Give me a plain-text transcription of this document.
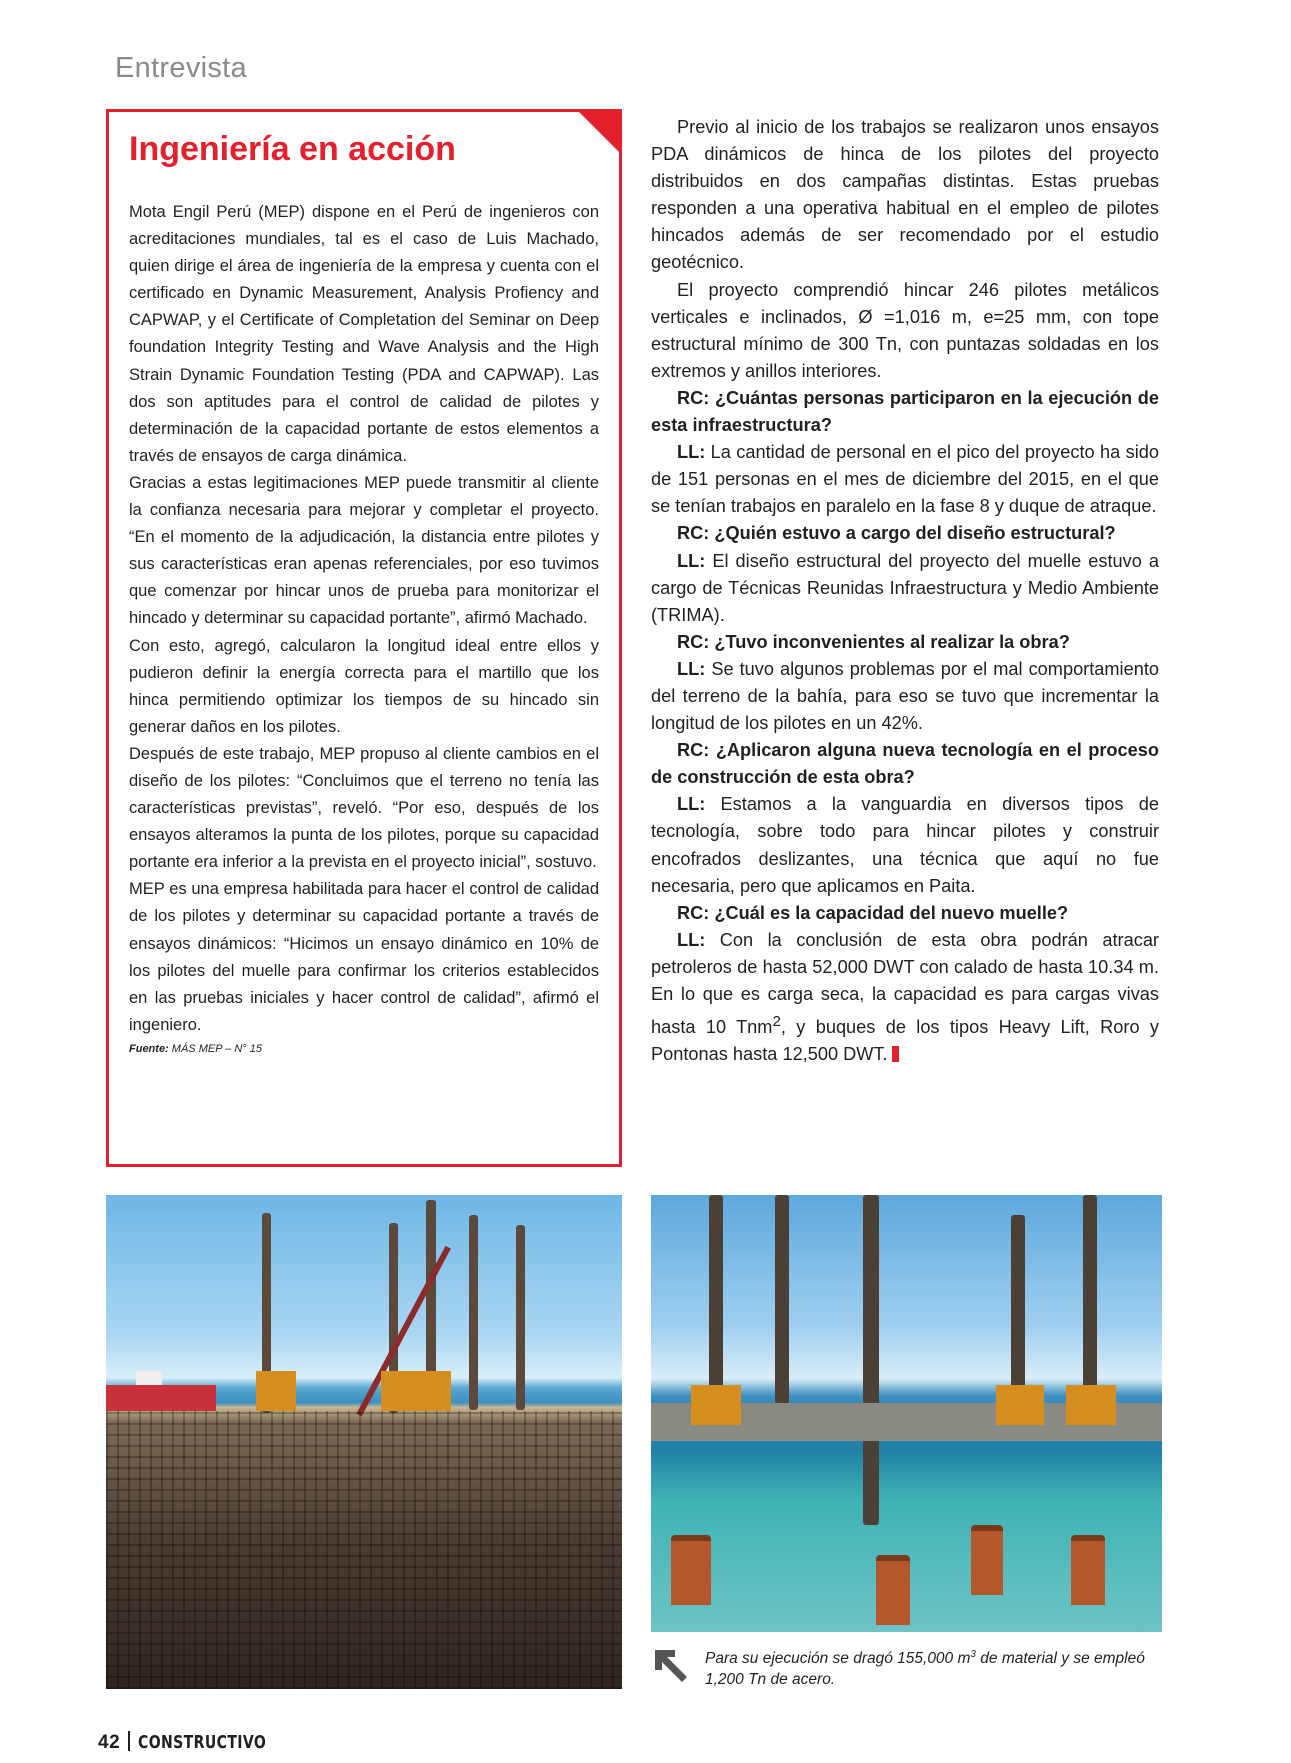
Entrevista
Ingeniería en acción

Mota Engil Perú (MEP) dispone en el Perú de ingenieros con acreditaciones mundiales, tal es el caso de Luis Machado, quien dirige el área de ingeniería de la empresa y cuenta con el certificado en Dynamic Measurement, Analysis Profiency and CAPWAP, y el Certificate of Completation del Seminar on Deep foundation Integrity Testing and Wave Analysis and the High Strain Dynamic Foundation Testing (PDA and CAPWAP). Las dos son aptitudes para el control de calidad de pilotes y determinación de la capacidad portante de estos elementos a través de ensayos de carga dinámica.

Gracias a estas legitimaciones MEP puede transmitir al cliente la confianza necesaria para mejorar y completar el proyecto. “En el momento de la adjudicación, la distancia entre pilotes y sus características eran apenas referenciales, por eso tuvimos que comenzar por hincar unos de prueba para monitorizar el hincado y determinar su capacidad portante”, afirmó Machado.

Con esto, agregó, calcularon la longitud ideal entre ellos y pudieron definir la energía correcta para el martillo que los hinca permitiendo optimizar los tiempos de su hincado sin generar daños en los pilotes.

Después de este trabajo, MEP propuso al cliente cambios en el diseño de los pilotes: “Concluimos que el terreno no tenía las características previstas”, reveló. “Por eso, después de los ensayos alteramos la punta de los pilotes, porque su capacidad portante era inferior a la prevista en el proyecto inicial”, sostuvo.

MEP es una empresa habilitada para hacer el control de calidad de los pilotes y determinar su capacidad portante a través de ensayos dinámicos: “Hicimos un ensayo dinámico en 10% de los pilotes del muelle para confirmar los criterios establecidos en las pruebas iniciales y hacer control de calidad”, afirmó el ingeniero.

Fuente: MÁS MEP – N° 15

Previo al inicio de los trabajos se realizaron unos ensayos PDA dinámicos de hinca de los pilotes del proyecto distribuidos en dos campañas distintas. Estas pruebas responden a una operativa habitual en el empleo de pilotes hincados además de ser recomendado por el estudio geotécnico.

El proyecto comprendió hincar 246 pilotes metálicos verticales e inclinados, Ø =1,016 m, e=25 mm, con tope estructural mínimo de 300 Tn, con puntazas soldadas en los extremos y anillos interiores.

RC: ¿Cuántas personas participaron en la ejecución de esta infraestructura?

LL: La cantidad de personal en el pico del proyecto ha sido de 151 personas en el mes de diciembre del 2015, en el que se tenían trabajos en paralelo en la fase 8 y duque de atraque.

RC: ¿Quién estuvo a cargo del diseño estructural?

LL: El diseño estructural del proyecto del muelle estuvo a cargo de Técnicas Reunidas Infraestructura y Medio Ambiente (TRIMA).

RC: ¿Tuvo inconvenientes al realizar la obra?

LL: Se tuvo algunos problemas por el mal comportamiento del terreno de la bahía, para eso se tuvo que incrementar la longitud de los pilotes en un 42%.

RC: ¿Aplicaron alguna nueva tecnología en el proceso de construcción de esta obra?

LL: Estamos a la vanguardia en diversos tipos de tecnología, sobre todo para hincar pilotes y construir encofrados deslizantes, una técnica que aquí no fue necesaria, pero que aplicamos en Paita.

RC: ¿Cuál es la capacidad del nuevo muelle?

LL: Con la conclusión de esta obra podrán atracar petroleros de hasta 52,000 DWT con calado de hasta 10.34 m. En lo que es carga seca, la capacidad es para cargas vivas hasta 10 Tnm$^2$, y buques de los tipos Heavy Lift, Roro y Pontonas hasta 12,500 DWT.

Para su ejecución se dragó 155,000 $m^3$ de material y se empleó 1,200 Tn de acero.
42 CONSTRUCTIVO
